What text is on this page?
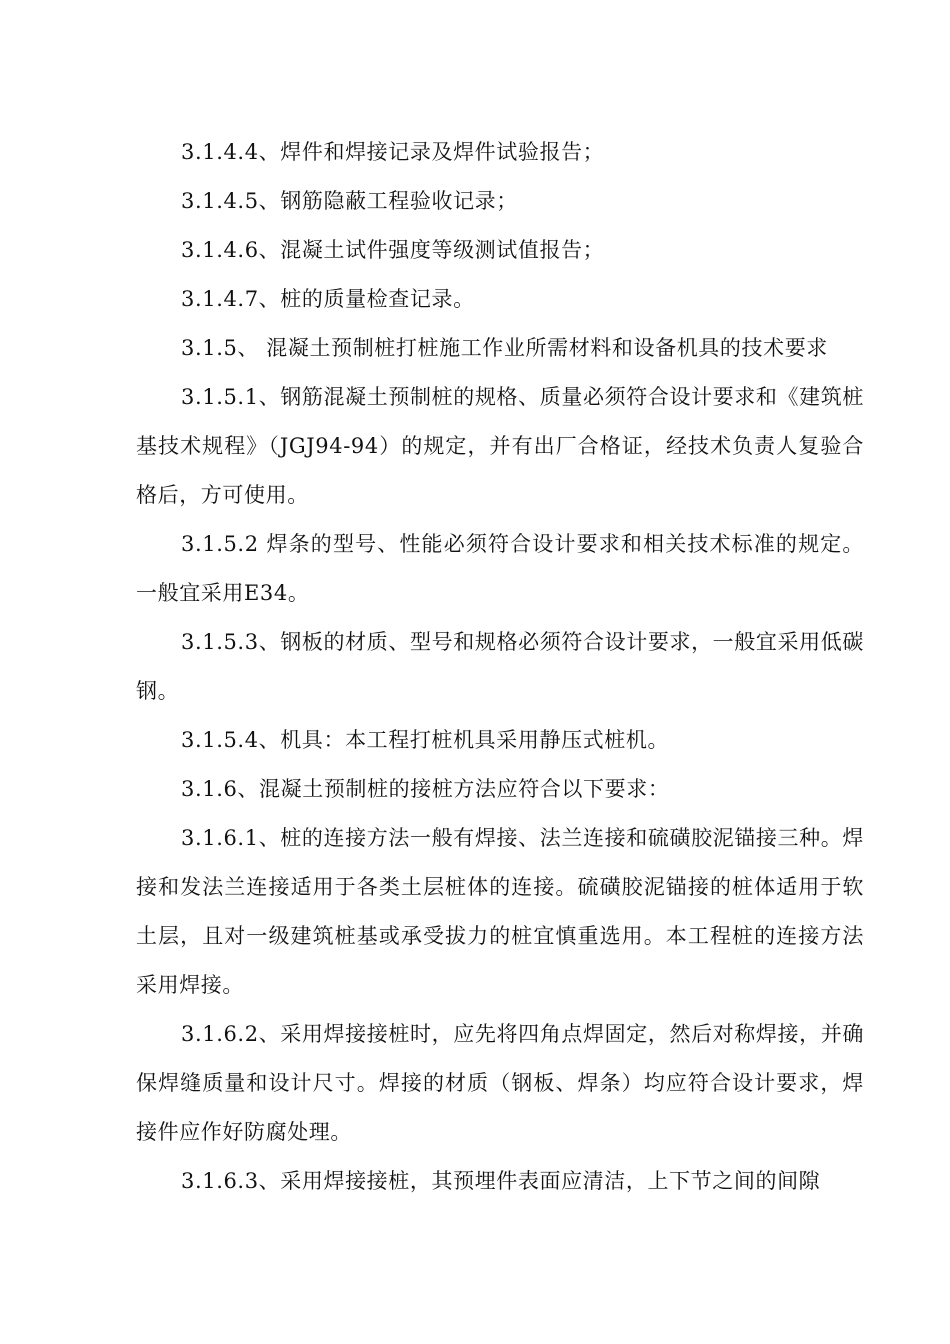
3.1.4.4、焊件和焊接记录及焊件试验报告；

3.1.4.5、钢筋隐蔽工程验收记录；

3.1.4.6、混凝土试件强度等级测试值报告；

3.1.4.7、桩的质量检查记录。

3.1.5、 混凝土预制桩打桩施工作业所需材料和设备机具的技术要求

3.1.5.1、钢筋混凝土预制桩的规格、质量必须符合设计要求和《建筑桩基技术规程》（JGJ94-94）的规定，并有出厂合格证，经技术负责人复验合格后，方可使用。

3.1.5.2 焊条的型号、性能必须符合设计要求和相关技术标准的规定。一般宜采用E34。

3.1.5.3、钢板的材质、型号和规格必须符合设计要求，一般宜采用低碳钢。

3.1.5.4、机具：本工程打桩机具采用静压式桩机。

3.1.6、混凝土预制桩的接桩方法应符合以下要求：

3.1.6.1、桩的连接方法一般有焊接、法兰连接和硫磺胶泥锚接三种。焊接和发法兰连接适用于各类土层桩体的连接。硫磺胶泥锚接的桩体适用于软土层，且对一级建筑桩基或承受拔力的桩宜慎重选用。本工程桩的连接方法采用焊接。

3.1.6.2、采用焊接接桩时，应先将四角点焊固定，然后对称焊接，并确保焊缝质量和设计尺寸。焊接的材质（钢板、焊条）均应符合设计要求，焊接件应作好防腐处理。

3.1.6.3、采用焊接接桩，其预埋件表面应清洁，上下节之间的间隙
